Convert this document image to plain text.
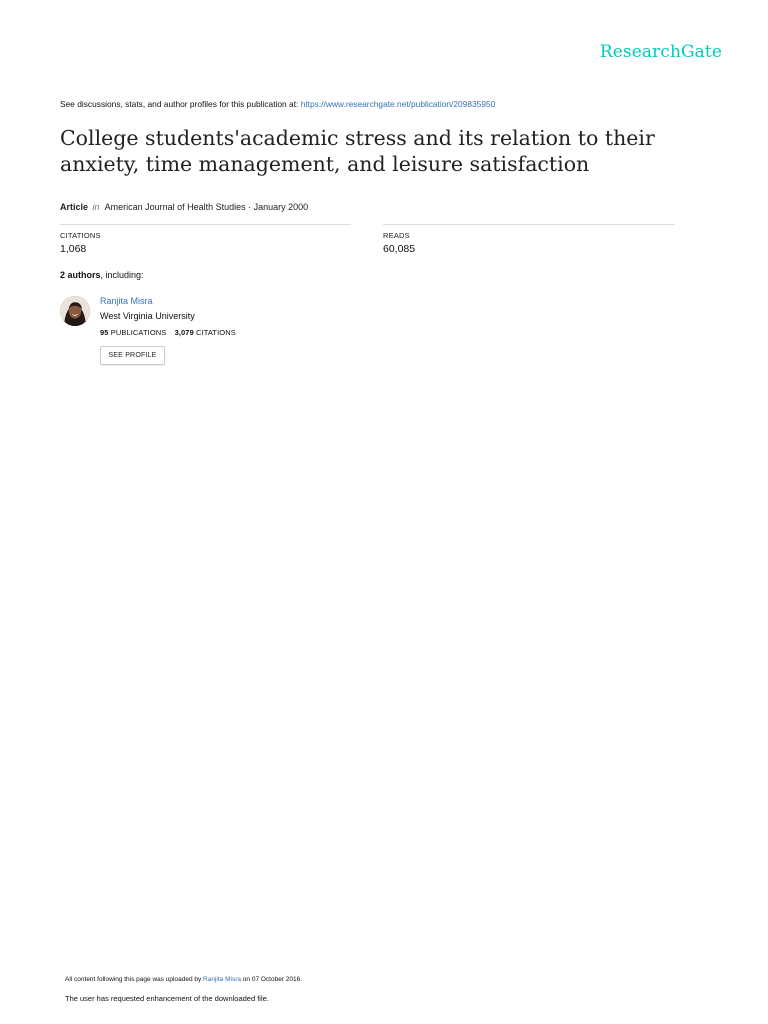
ResearchGate
See discussions, stats, and author profiles for this publication at: https://www.researchgate.net/publication/209835950
College students'academic stress and its relation to their anxiety, time management, and leisure satisfaction
Article in American Journal of Health Studies · January 2000
CITATIONS
1,068
READS
60,085
2 authors, including:
Ranjita Misra
West Virginia University
95 PUBLICATIONS 3,079 CITATIONS
SEE PROFILE
All content following this page was uploaded by Ranjita Misra on 07 October 2016.
The user has requested enhancement of the downloaded file.
